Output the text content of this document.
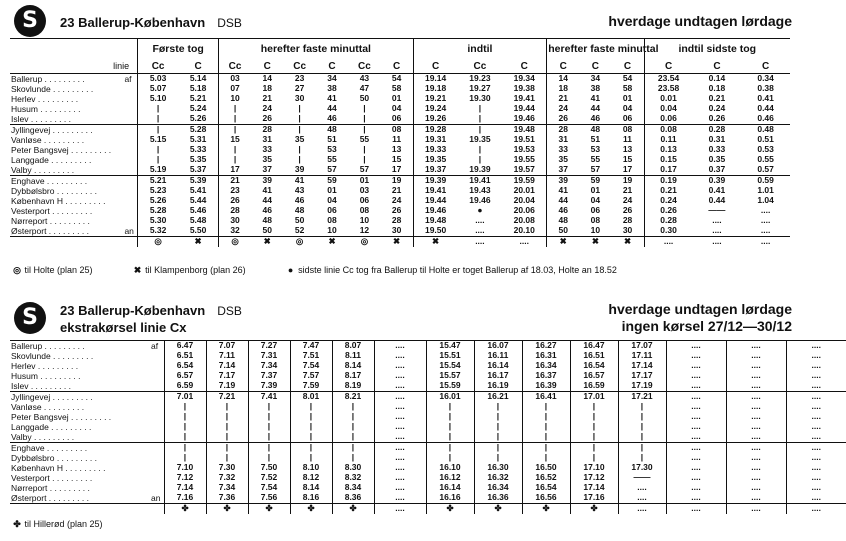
S	23 Ballerup-København DSB	hverdage undtagen lørdage
		Første tog		herefter faste minuttal						indtil			herefter faste minuttal			indtil sidste tog		
linie		Cc	C	Cc	C	Cc	C	Cc	C	C	Cc	C	C	C	C	C	C	C
Ballerup . . . . . . . . .	af	5.03	5.14	03	14	23	34	43	54	19.14	19.23	19.34	14	34	54	23.54	0.14	0.34
Skovlunde . . . . . . . . .		5.07	5.18	07	18	27	38	47	58	19.18	19.27	19.38	18	38	58	23.58	0.18	0.38
Herlev . . . . . . . . .		5.10	5.21	10	21	30	41	50	01	19.21	19.30	19.41	21	41	01	0.01	0.21	0.41
Husum . . . . . . . . .		|	5.24	|	24	|	44	|	04	19.24	|	19.44	24	44	04	0.04	0.24	0.44
Islev . . . . . . . . .		|	5.26	|	26	|	46	|	06	19.26	|	19.46	26	46	06	0.06	0.26	0.46
Jyllingevej . . . . . . . . .		|	5.28	|	28	|	48	|	08	19.28	|	19.48	28	48	08	0.08	0.28	0.48
Vanløse . . . . . . . . .		5.15	5.31	15	31	35	51	55	11	19.31	19.35	19.51	31	51	11	0.11	0.31	0.51
Peter Bangsvej . . . . . . . . .		|	5.33	|	33	|	53	|	13	19.33	|	19.53	33	53	13	0.13	0.33	0.53
Langgade . . . . . . . . .		|	5.35	|	35	|	55	|	15	19.35	|	19.55	35	55	15	0.15	0.35	0.55
Valby . . . . . . . . .		5.19	5.37	17	37	39	57	57	17	19.37	19.39	19.57	37	57	17	0.17	0.37	0.57
Enghave . . . . . . . . .		5.21	5.39	21	39	41	59	01	19	19.39	19.41	19.59	39	59	19	0.19	0.39	0.59
Dybbølsbro . . . . . . . . .		5.23	5.41	23	41	43	01	03	21	19.41	19.43	20.01	41	01	21	0.21	0.41	1.01
København H . . . . . . . . .		5.26	5.44	26	44	46	04	06	24	19.44	19.46	20.04	44	04	24	0.24	0.44	1.04
Vesterport . . . . . . . . .		5.28	5.46	28	46	48	06	08	26	19.46	●	20.06	46	06	26	0.26	——	....
Nørreport . . . . . . . . .		5.30	5.48	30	48	50	08	10	28	19.48	....	20.08	48	08	28	0.28	....	....
Østerport . . . . . . . . .	an	5.32	5.50	32	50	52	10	12	30	19.50	....	20.10	50	10	30	0.30	....	....
		◎	✖	◎	✖	◎	✖	◎	✖	✖	....	....	✖	✖	✖	....	....	....
◎ til Holte (plan 25)	✖ til Klampenborg (plan 26)	● sidste linie Cc tog fra Ballerup til Holte er toget Ballerup af 18.03, Holte an 18.52
S	23 Ballerup-København DSB
ekstrakørsel linie Cx
hverdage undtagen lørdage
ingen kørsel 27/12—30/12
Ballerup . . . . . . . . .	af	6.47	7.07	7.27	7.47	8.07	....	15.47	16.07	16.27	16.47	17.07	....	....	....
Skovlunde . . . . . . . . .		6.51	7.11	7.31	7.51	8.11	....	15.51	16.11	16.31	16.51	17.11	....	....	....
Herlev . . . . . . . . .		6.54	7.14	7.34	7.54	8.14	....	15.54	16.14	16.34	16.54	17.14	....	....	....
Husum . . . . . . . . .		6.57	7.17	7.37	7.57	8.17	....	15.57	16.17	16.37	16.57	17.17	....	....	....
Islev . . . . . . . . .		6.59	7.19	7.39	7.59	8.19	....	15.59	16.19	16.39	16.59	17.19	....	....	....
Jyllingevej . . . . . . . . .		7.01	7.21	7.41	8.01	8.21	....	16.01	16.21	16.41	17.01	17.21	....	....	....
Vanløse . . . . . . . . .		|	|	|	|	|	....	|	|	|	|	|	....	....	....
Peter Bangsvej . . . . . . . . .		|	|	|	|	|	....	|	|	|	|	|	....	....	....
Langgade . . . . . . . . .		|	|	|	|	|	....	|	|	|	|	|	....	....	....
Valby . . . . . . . . .		|	|	|	|	|	....	|	|	|	|	|	....	....	....
Enghave . . . . . . . . .		|	|	|	|	|	....	|	|	|	|	|	....	....	....
Dybbølsbro . . . . . . . . .		|	|	|	|	|	....	|	|	|	|	|	....	....	....
København H . . . . . . . . .		7.10	7.30	7.50	8.10	8.30	....	16.10	16.30	16.50	17.10	17.30	....	....	....
Vesterport . . . . . . . . .		7.12	7.32	7.52	8.12	8.32	....	16.12	16.32	16.52	17.12	——	....	....	....
Nørreport . . . . . . . . .		7.14	7.34	7.54	8.14	8.34	....	16.14	16.34	16.54	17.14	....	....	....	....
Østerport . . . . . . . . .	an	7.16	7.36	7.56	8.16	8.36	....	16.16	16.36	16.56	17.16	....	....	....	....
		✤	✤	✤	✤	✤	....	✤	✤	✤	✤	....	....	....	....
✤ til Hillerød (plan 25)
